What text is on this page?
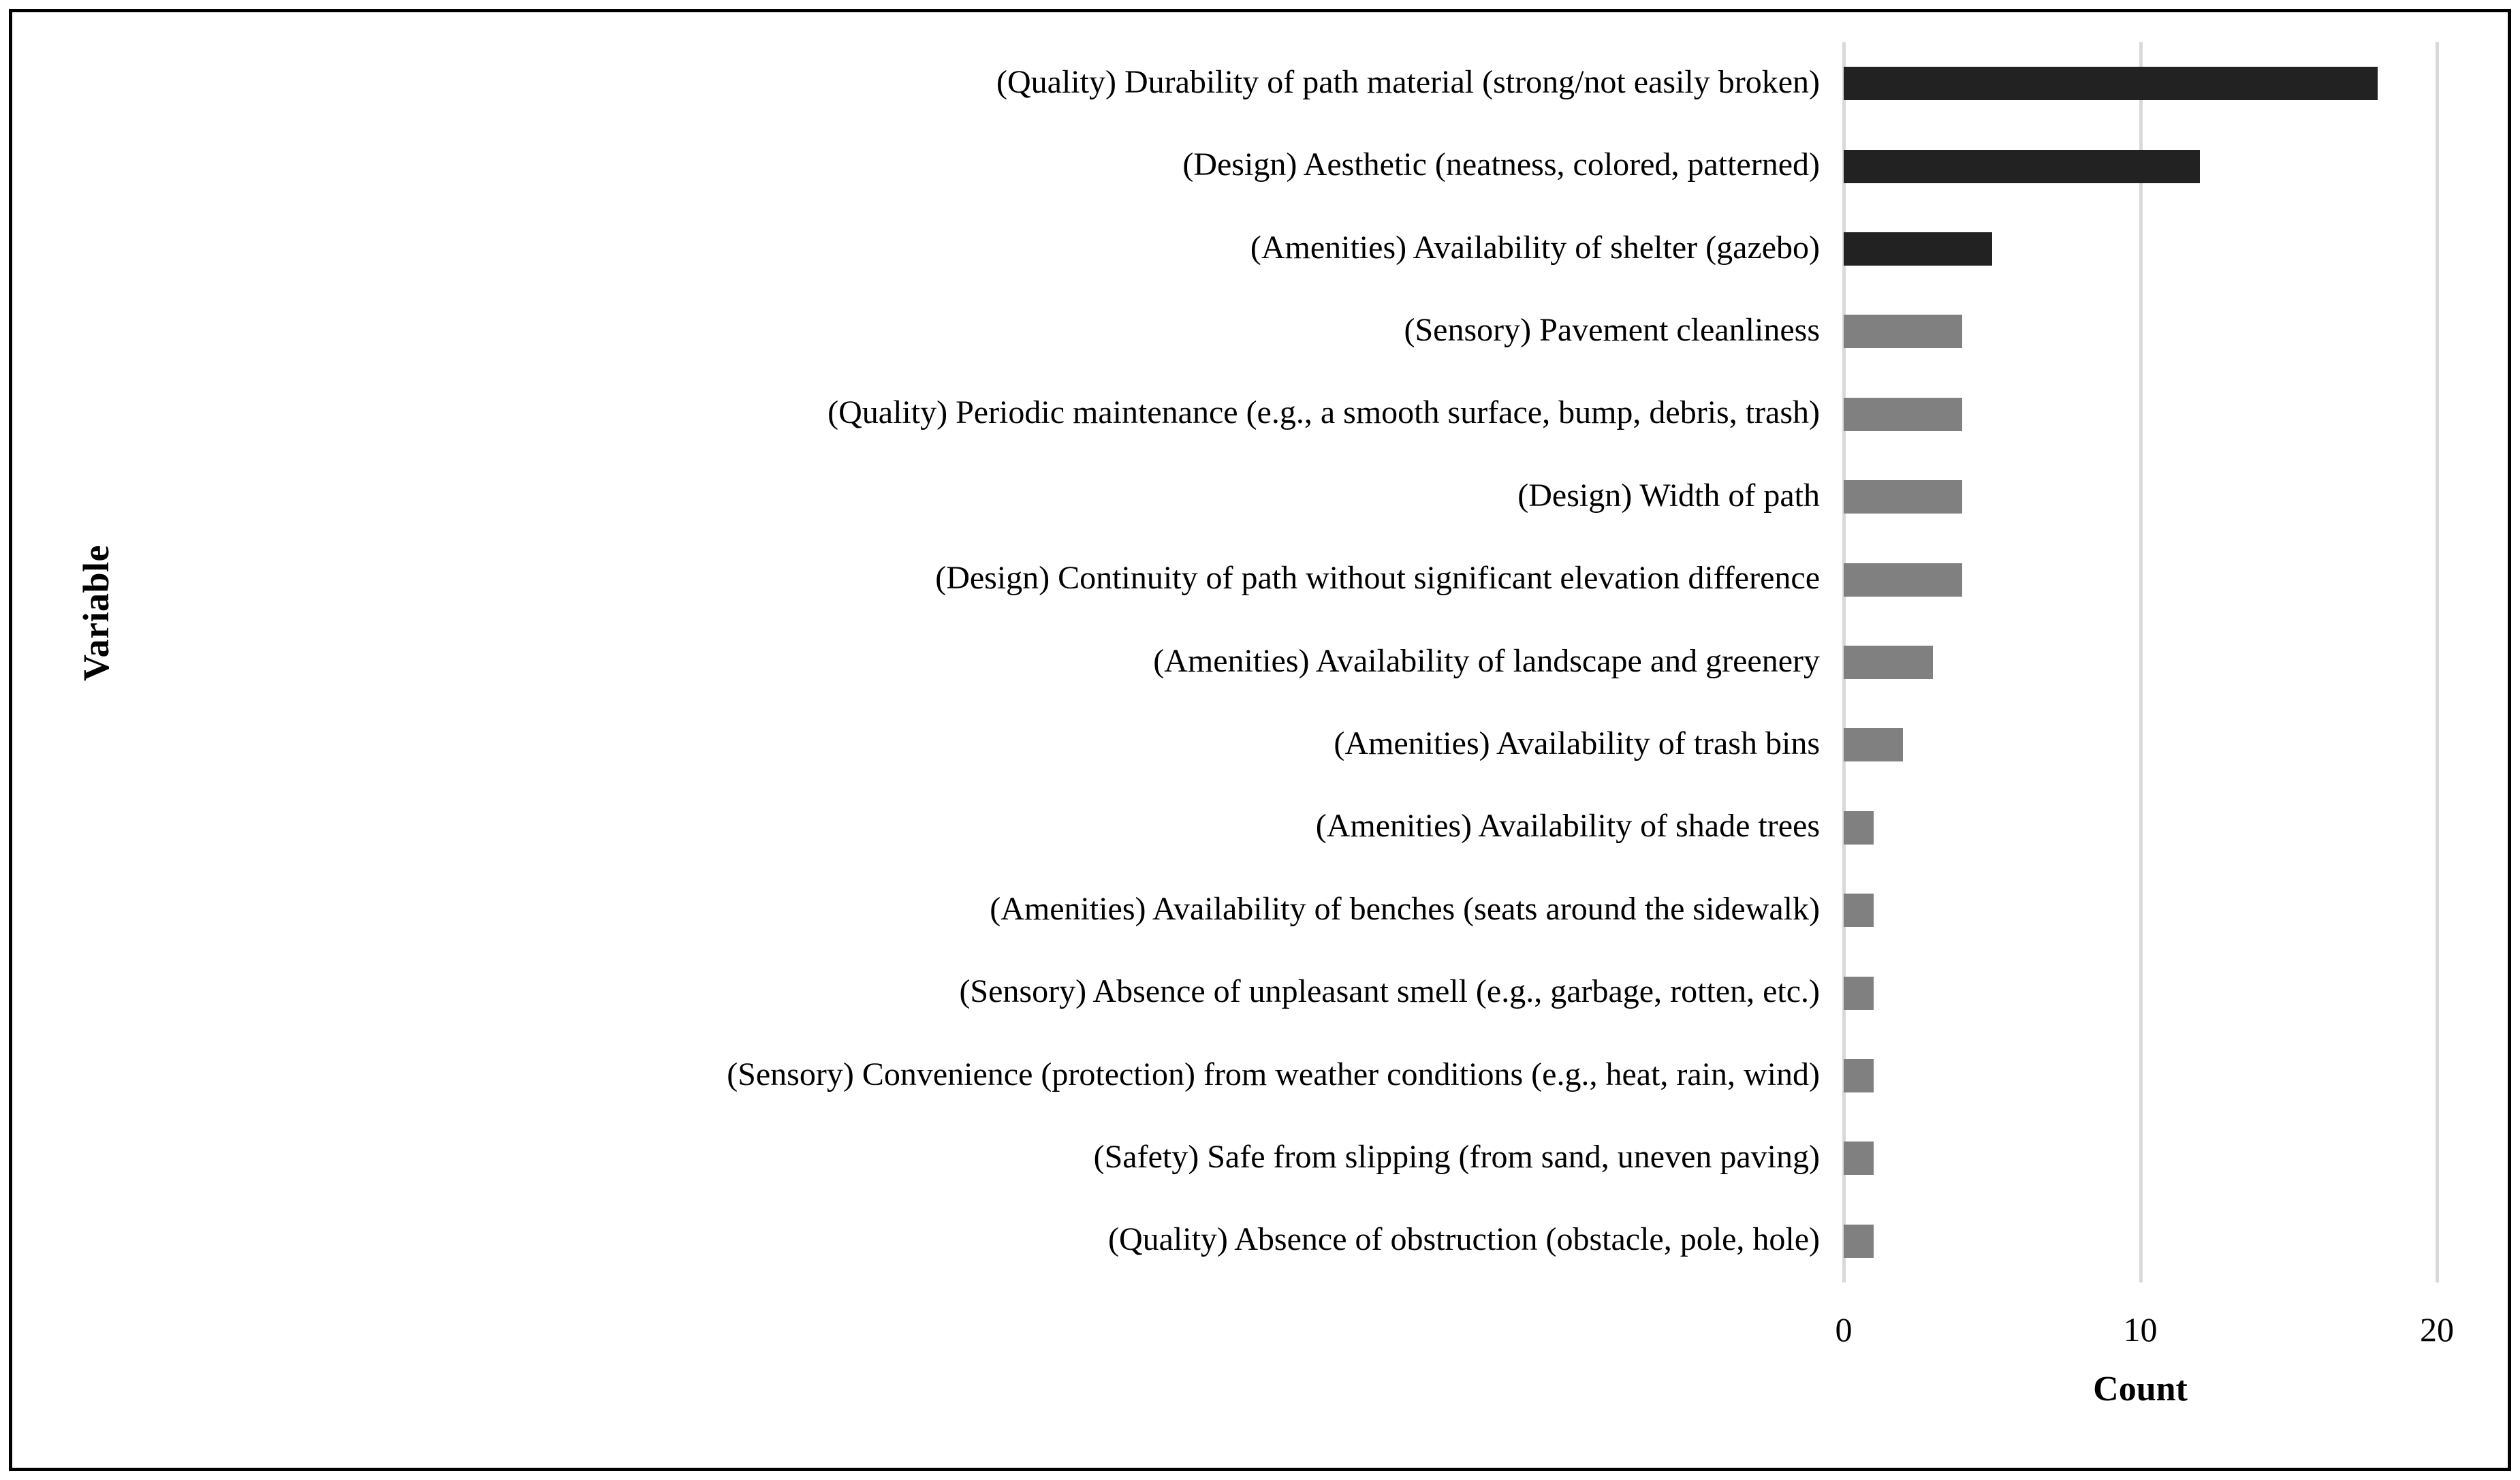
Variable
(Quality) Durability of path material (strong/not easily broken)
(Design) Aesthetic (neatness, colored, patterned)
(Amenities) Availability of shelter (gazebo)
(Sensory) Pavement cleanliness
(Quality) Periodic maintenance (e.g., a smooth surface, bump, debris, trash)
(Design) Width of path
(Design) Continuity of path without significant elevation difference
(Amenities) Availability of landscape and greenery
(Amenities) Availability of trash bins
(Amenities) Availability of shade trees
(Amenities) Availability of benches (seats around the sidewalk)
(Sensory) Absence of unpleasant smell (e.g., garbage, rotten, etc.)
(Sensory) Convenience (protection) from weather conditions (e.g., heat, rain, wind)
(Safety) Safe from slipping (from sand, uneven paving)
(Quality) Absence of obstruction (obstacle, pole, hole)
0	10	20
Count
